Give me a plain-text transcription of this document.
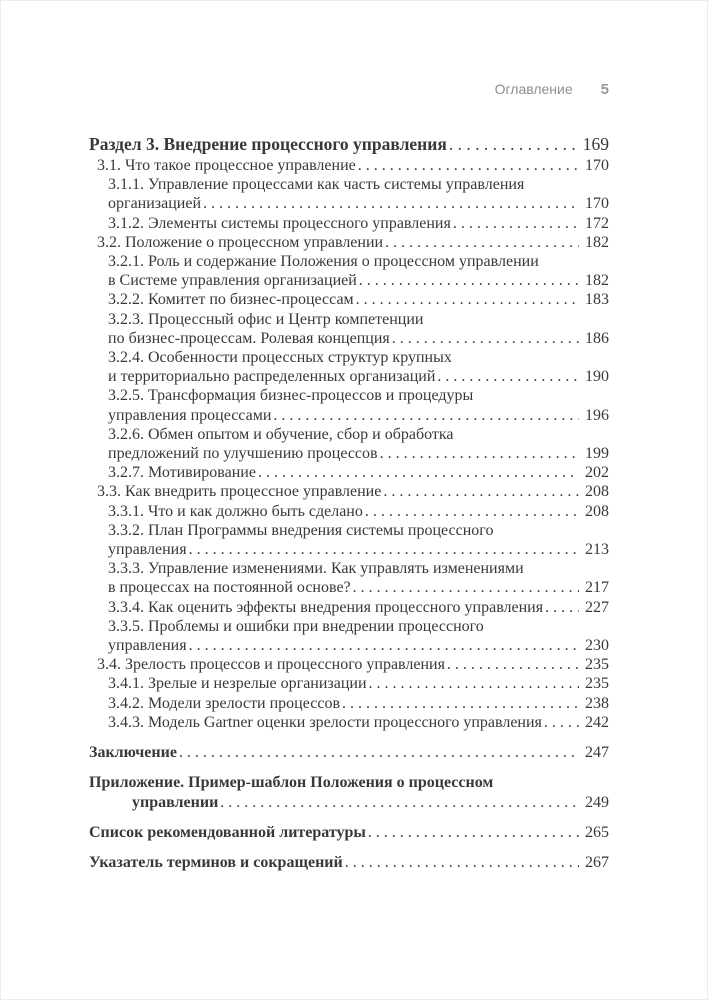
Оглавление 5
Раздел 3. Внедрение процессного управления . . .	169
3.1. Что такое процессное управление . . .	170
3.1.1. Управление процессами как часть системы управления
организацией . . .	170
3.1.2. Элементы системы процессного управления . . .	172
3.2. Положение о процессном управлении . . .	182
3.2.1. Роль и содержание Положения о процессном управлении
в Системе управления организацией . . .	182
3.2.2. Комитет по бизнес-процессам . . .	183
3.2.3. Процессный офис и Центр компетенции
по бизнес-процессам. Ролевая концепция . . .	186
3.2.4. Особенности процессных структур крупных
и территориально распределенных организаций . . .	190
3.2.5. Трансформация бизнес-процессов и процедуры
управления процессами . . .	196
3.2.6. Обмен опытом и обучение, сбор и обработка
предложений по улучшению процессов . . .	199
3.2.7. Мотивирование . . .	202
3.3. Как внедрить процессное управление . . .	208
3.3.1. Что и как должно быть сделано . . .	208
3.3.2. План Программы внедрения системы процессного
управления . . .	213
3.3.3. Управление изменениями. Как управлять изменениями
в процессах на постоянной основе? . . .	217
3.3.4. Как оценить эффекты внедрения процессного управления . . .	227
3.3.5. Проблемы и ошибки при внедрении процессного
управления . . .	230
3.4. Зрелость процессов и процессного управления . . .	235
3.4.1. Зрелые и незрелые организации . . .	235
3.4.2. Модели зрелости процессов . . .	238
3.4.3. Модель Gartner оценки зрелости процессного управления . . .	242
Заключение . . .	247
Приложение. Пример-шаблон Положения о процессном
управлении . . .	249
Список рекомендованной литературы . . .	265
Указатель терминов и сокращений . . .	267
